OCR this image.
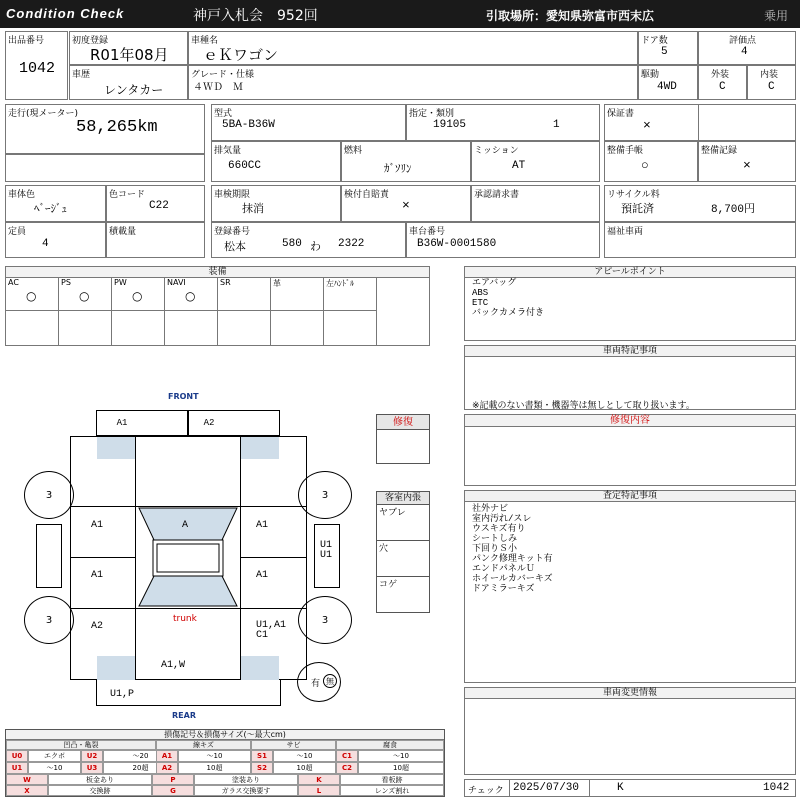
Condition Check	神戸入札会　952回	引取場所：愛知県弥富市西末広	乗用
出品番号
1042
初度登録
R01年08月
車種名
ｅＫワゴン
ドア数
5
評価点
4
車歴
レンタカー
グレード・仕様
４ＷＤ　Ｍ
駆動
4WD
外装
C
内装
C
走行(現メーター)
58,265km
型式
5BA-B36W
指定・類別
19105	1
排気量
660CC
燃料
ｶﾞｿﾘﾝ
ミッション
AT
保証書
×
整備手帳
○
整備記録
×
車体色
ﾍﾞｰｼﾞｭ
色コード
C22
定員
4
積載量
車検期限
抹消
検付自賠責
×
承認請求書
登録番号
松本	580 わ 2322
車台番号
B36W-0001580
リサイクル料
預託済	8,700円
福祉車両
装備
AC
○
PS
○
PW
○
NAVI
○
SR	革	左ﾊﾝﾄﾞﾙ
アピールポイント
エアバッグ
ABS
ETC
バックカメラ付き
車両特記事項
※記載のない書類・機器等は無しとして取り扱います。
修復内容
査定特記事項
社外ナビ
室内汚れ/スレ
ウスキズ有り
シートしみ
下回りＳ小
パンク修理キット有
エンドパネルＵ
ホイールカバーキズ
ドアミラーキズ
車両変更情報
チェック 2025/07/30	K	1042
FRONT
REAR
A1	A2
A
A1	A1
A1	A1
A2	U1,A1
C1
trunk
A1,W
U1,P
U1
U1
3	3
3	3
有 無
修復
客室内張
ヤブレ
穴
コゲ
損傷記号＆損傷サイズ(～最大cm)
凹凸・亀裂	線キズ	サビ	腐食
U0	エクボ	U2	～20	A1	～10	S1	～10	C1	～10
U1	～10	U3	20超	A2	10超	S2	10超	C2	10超
W	板金あり	P	塗装あり	K	看板跡
X	交換跡	G	ガラス交換要す	L	レンズ割れ
